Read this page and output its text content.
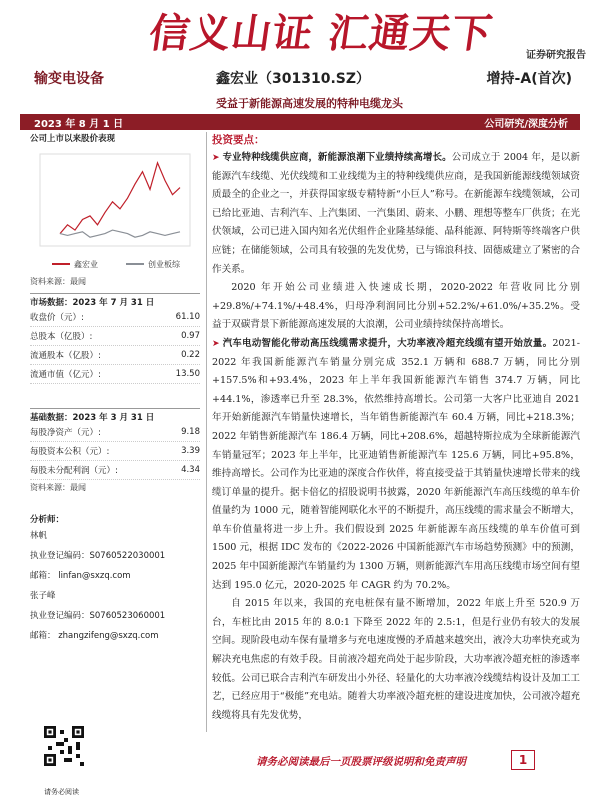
信义山证 汇通天下	证券研究报告
输变电设备	鑫宏业（301310.SZ）	增持-A(首次)
受益于新能源高速发展的特种电缆龙头
2023 年 8 月 1 日	公司研究/深度分析
公司上市以来股价表现
鑫宏业	创业板综
资料来源：最闻
市场数据：2023 年 7 月 31 日
收盘价（元）:	61.10
总股本（亿股）:	0.97
流通股本（亿股）:	0.22
流通市值（亿元）:	13.50
基础数据：2023 年 3 月 31 日
每股净资产（元）:	9.18
每股资本公积（元）:	3.39
每股未分配利润（元）:	4.34
资料来源：最闻
分析师：
林帆
执业登记编码：S0760522030001
邮箱： linfan@sxzq.com
张子峰
执业登记编码：S0760523060001
邮箱： zhangzifeng@sxzq.com
请务必阅读
投资要点：

➤ 专业特种线缆供应商，新能源浪潮下业绩持续高增长。公司成立于 2004 年，是以新能源汽车线缆、光伏线缆和工业线缆为主的特种线缆供应商，是我国新能源线缆领域资质最全的企业之一，并获得国家级专精特新“小巨人”称号。在新能源车线缆领域，公司已给比亚迪、吉利汽车、上汽集团、一汽集团、蔚来、小鹏、理想等整车厂供货；在光伏领域，公司已进入国内知名光伏组件企业隆基绿能、晶科能源、阿特斯等终端客户供应链；在储能领域，公司具有较强的先发优势，已与锦浪科技、固德威建立了紧密的合作关系。

2020 年开始公司业绩进入快速成长期，2020-2022 年营收同比分别+29.8%/+74.1%/+48.4%，归母净利润同比分别+52.2%/+61.0%/+35.2%。受益于双碳背景下新能源高速发展的大浪潮，公司业绩持续保持高增长。

➤ 汽车电动智能化带动高压线缆需求提升，大功率液冷超充线缆有望开始放量。2021-2022 年我国新能源汽车销量分别完成 352.1 万辆和 688.7 万辆，同比分别+157.5%和+93.4%，2023 年上半年我国新能源汽车销售 374.7 万辆，同比+44.1%，渗透率已升至 28.3%，依然维持高增长。公司第一大客户比亚迪自 2021 年开始新能源汽车销量快速增长，当年销售新能源汽车 60.4 万辆，同比+218.3%；2022 年销售新能源汽车 186.4 万辆，同比+208.6%，超越特斯拉成为全球新能源汽车销量冠军；2023 年上半年，比亚迪销售新能源汽车 125.6 万辆，同比+95.8%，维持高增长。公司作为比亚迪的深度合作伙伴，将直接受益于其销量快速增长带来的线缆订单量的提升。据卡倍亿的招股说明书披露，2020 年新能源汽车高压线缆的单车价值量约为 1000 元，随着智能网联化水平的不断提升，高压线缆的需求量会不断增大，单车价值量将进一步上升。我们假设到 2025 年新能源车高压线缆的单车价值可到 1500 元，根据 IDC 发布的《2022-2026 中国新能源汽车市场趋势预测》中的预测，2025 年中国新能源汽车销量约为 1300 万辆，则新能源汽车用高压线缆市场空间有望达到 195.0 亿元，2020-2025 年 CAGR 约为 70.2%。

自 2015 年以来，我国的充电桩保有量不断增加，2022 年底上升至 520.9 万台，车桩比由 2015 年的 8.0:1 下降至 2022 年的 2.5:1，但是行业仍有较大的发展空间。现阶段电动车保有量增多与充电速度慢的矛盾越来越突出，液冷大功率快充或为解决充电焦虑的有效手段。目前液冷超充尚处于起步阶段，大功率液冷超充桩的渗透率较低。公司已联合吉利汽车研发出小外径、轻量化的大功率液冷线缆结构设计及加工工艺，已经应用于“极能”充电站。随着大功率液冷超充桩的建设进度加快，公司液冷超充线缆将具有先发优势，

请务必阅读最后一页股票评级说明和免责声明	1
